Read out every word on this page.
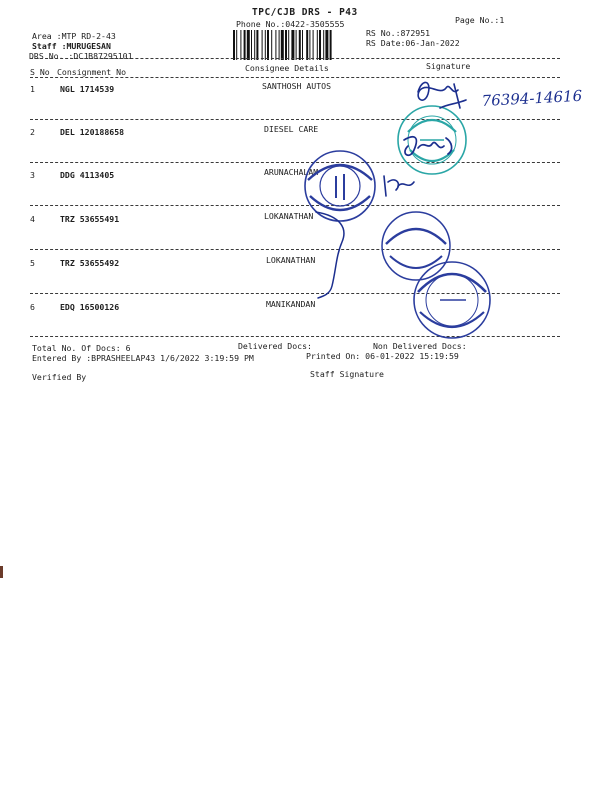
TPC/CJB DRS - P43
Phone No.:0422-3505555	Page No.:1
Area :MTP RD-2-43
Staff :MURUGESAN
DRS No. :DCJB87295101
RS No.:872951
RS Date:06-Jan-2022
S No Consignment No	Consignee Details	Signature
1	NGL 1714539	SANTHOSH AUTOS
2	DEL 120188658	DIESEL CARE
3	DDG 4113405	ARUNACHALAM
4	TRZ 53655491	LOKANATHAN
5	TRZ 53655492	LOKANATHAN
6	EDQ 16500126	MANIKANDAN
Total No. Of Docs: 6	Delivered Docs:	Non Delivered Docs:
Entered By :BPRASHEELAP43 1/6/2022 3:19:59 PM	Printed On: 06-01-2022 15:19:59
Verified By	Staff Signature
76394-14616
